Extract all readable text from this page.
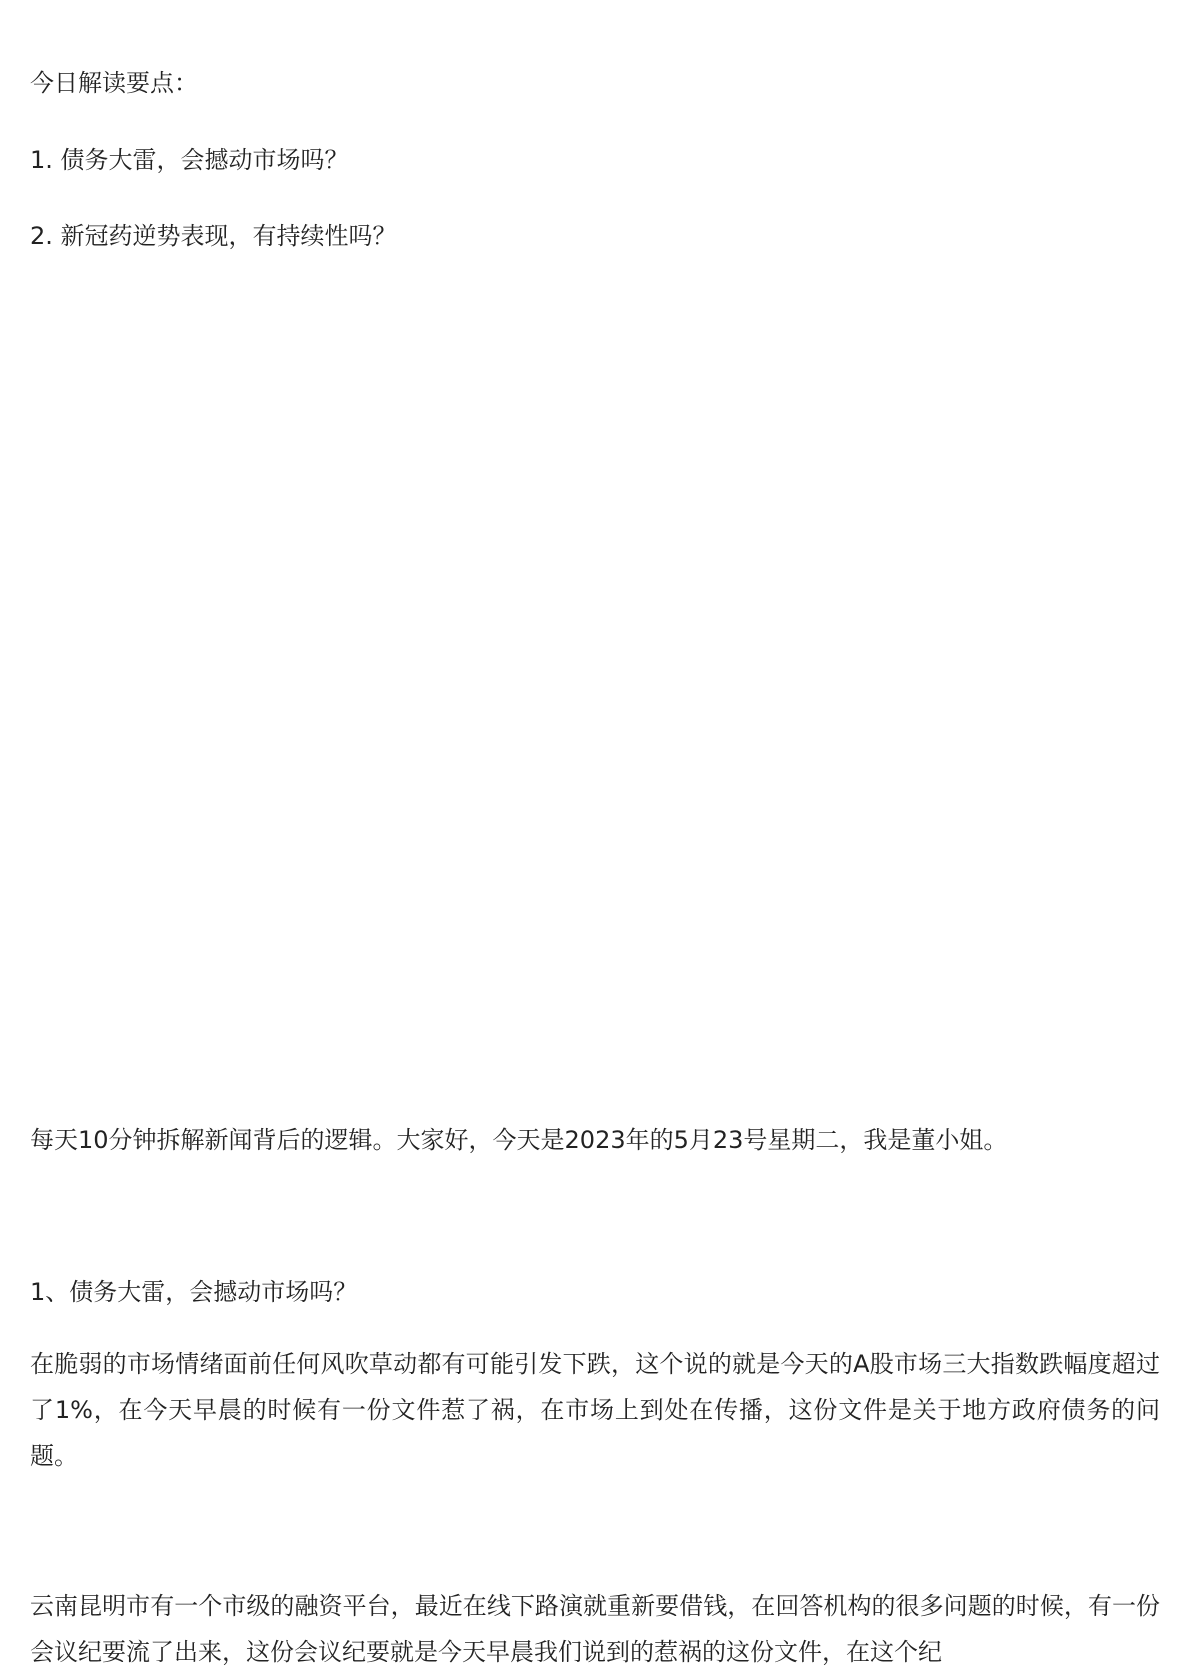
今日解读要点：

1. 债务大雷，会撼动市场吗？

2. 新冠药逆势表现，有持续性吗？

每天10分钟拆解新闻背后的逻辑。大家好，今天是2023年的5月23号星期二，我是董小姐。

1、债务大雷，会撼动市场吗？

在脆弱的市场情绪面前任何风吹草动都有可能引发下跌，这个说的就是今天的A股市场三大指数跌幅度超过了1%，在今天早晨的时候有一份文件惹了祸，在市场上到处在传播，这份文件是关于地方政府债务的问题。

云南昆明市有一个市级的融资平台，最近在线下路演就重新要借钱，在回答机构的很多问题的时候，有一份会议纪要流了出来，这份会议纪要就是今天早晨我们说到的惹祸的这份文件，在这个纪
